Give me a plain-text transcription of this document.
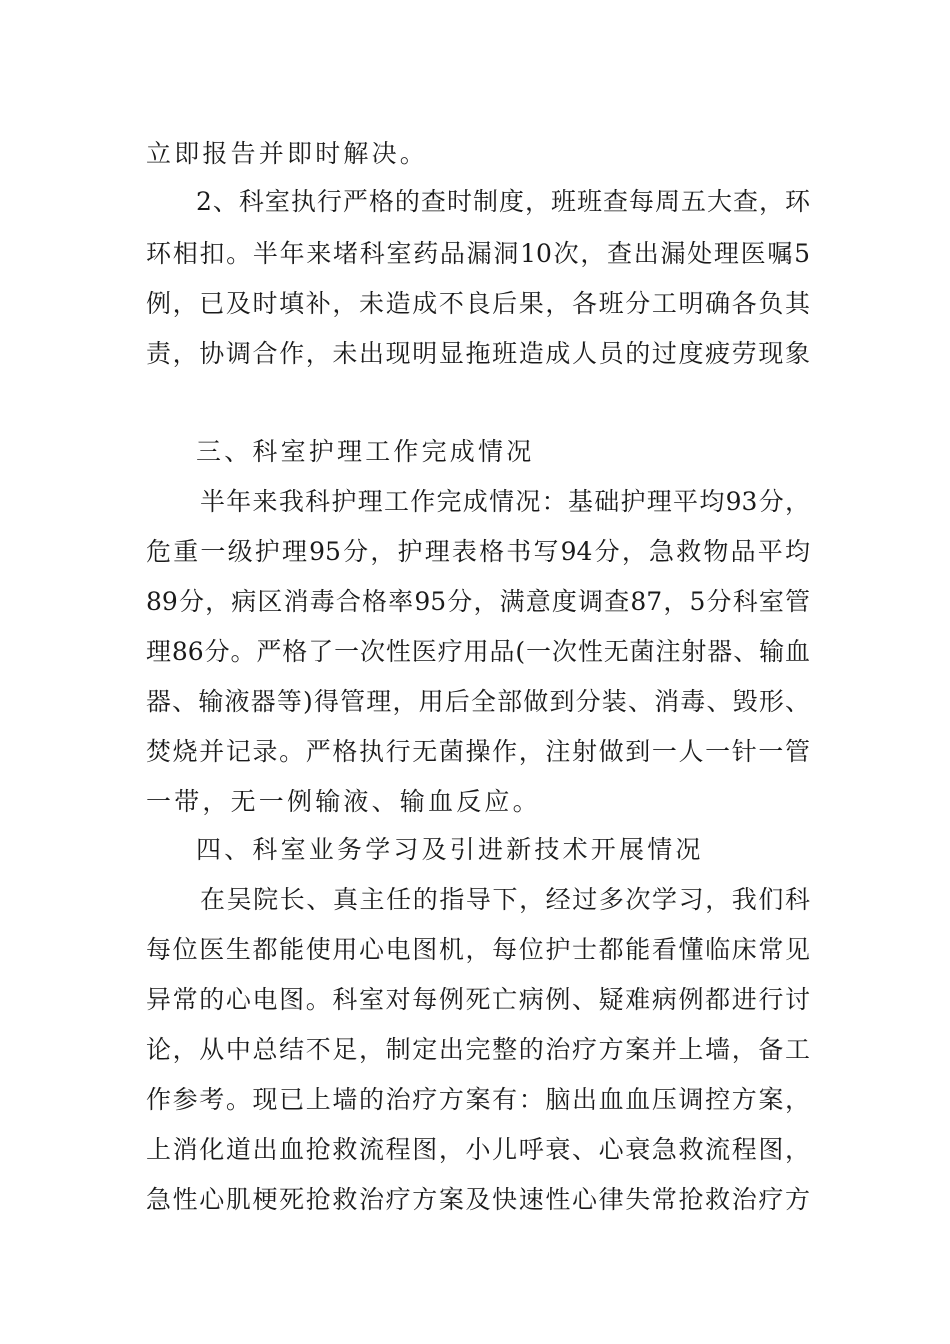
立即报告并即时解决。
2、科室执行严格的查时制度，班班查每周五大查，环
环相扣。半年来堵科室药品漏洞10次，查出漏处理医嘱5
例，已及时填补，未造成不良后果，各班分工明确各负其
责，协调合作，未出现明显拖班造成人员的过度疲劳现象
三、科室护理工作完成情况
半年来我科护理工作完成情况：基础护理平均93分，
危重一级护理95分，护理表格书写94分，急救物品平均
89分，病区消毒合格率95分，满意度调查87，5分科室管
理86分。严格了一次性医疗用品(一次性无菌注射器、输血
器、输液器等)得管理，用后全部做到分装、消毒、毁形、
焚烧并记录。严格执行无菌操作，注射做到一人一针一管
一带，无一例输液、输血反应。
四、科室业务学习及引进新技术开展情况
在吴院长、真主任的指导下，经过多次学习，我们科
每位医生都能使用心电图机，每位护士都能看懂临床常见
异常的心电图。科室对每例死亡病例、疑难病例都进行讨
论，从中总结不足，制定出完整的治疗方案并上墙，备工
作参考。现已上墙的治疗方案有：脑出血血压调控方案，
上消化道出血抢救流程图，小儿呼衰、心衰急救流程图，
急性心肌梗死抢救治疗方案及快速性心律失常抢救治疗方
